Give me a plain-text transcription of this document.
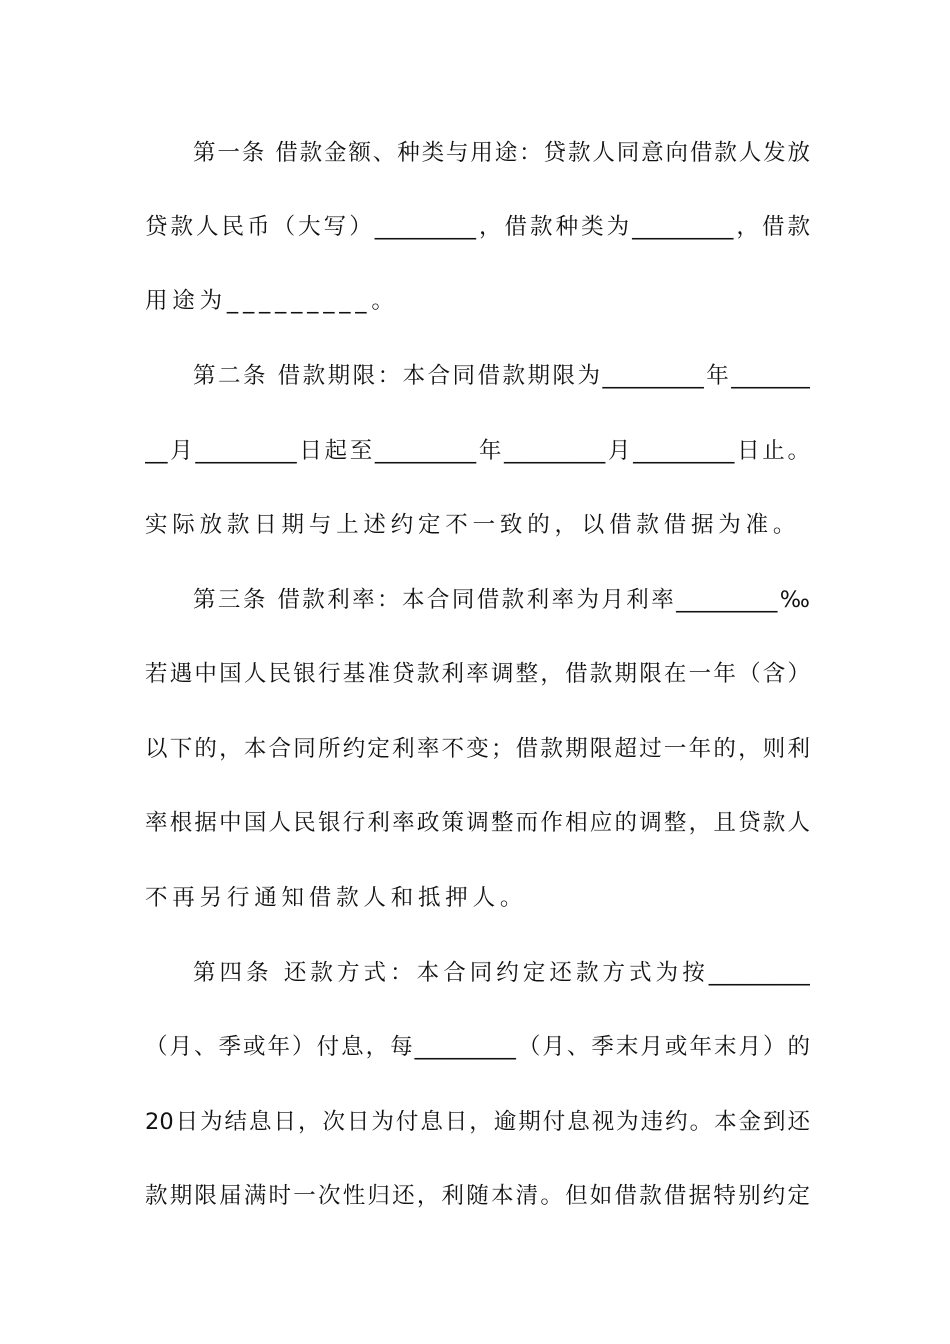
第一条 借款金额、种类与用途：贷款人同意向借款人发放
贷款人民币（大写）_________，借款种类为_________，借款
用途为_________。
第二条 借款期限：本合同借款期限为_________年_______
__月_________日起至_________年_________月_________日止。
实际放款日期与上述约定不一致的，以借款借据为准。
第三条 借款利率：本合同借款利率为月利率_________‰
若遇中国人民银行基准贷款利率调整，借款期限在一年（含）
以下的，本合同所约定利率不变；借款期限超过一年的，则利
率根据中国人民银行利率政策调整而作相应的调整，且贷款人
不再另行通知借款人和抵押人。
第四条 还款方式：本合同约定还款方式为按_________
（月、季或年）付息，每_________（月、季末月或年末月）的
20日为结息日，次日为付息日，逾期付息视为违约。本金到还
款期限届满时一次性归还，利随本清。但如借款借据特别约定
